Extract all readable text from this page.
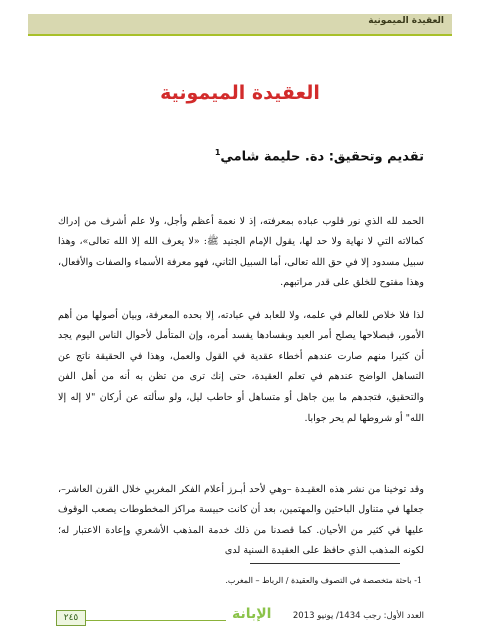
العقيدة الميمونية
العقيدة الميمونية
تقديم وتحقيق: دة. حليمة شامي$^1$

الحمد لله الذي نور قلوب عباده بمعرفته، إذ لا نعمة أعظم وأجل، ولا علم أشرف من إدراك كمالاته التي لا نهاية ولا حد لها، يقول الإمام الجنيد ﷺ: «لا يعرف الله إلا الله تعالى»، وهذا سبيل مسدود إلا في حق الله تعالى، أما السبيل الثاني، فهو معرفة الأسماء والصفات والأفعال، وهذا مفتوح للخلق على قدر مراتبهم.

لذا فلا خلاص للعالم في علمه، ولا للعابد في عبادته، إلا بحده المعرفة، وبيان أصولها من أهم الأمور، فبصلاحها يصلح أمر العبد وبفسادها يفسد أمره، وإن المتأمل لأحوال الناس اليوم يجد أن كثيرا منهم صارت عندهم أخطاء عقدية في القول والعمل، وهذا في الحقيقة ناتج عن التساهل الواضح عندهم في تعلم العقيدة، حتى إنك ترى من تظن به أنه من أهل الفن والتحقيق، فتجدهم ما بين جاهل أو متساهل أو حاطب ليل، ولو سألته عن أركان "لا إله إلا الله" أو شروطها لم يحر جوابا.

وقد توخينا من نشر هذه العقيـدة –وهي لأحد أبـرز أعلام الفكر المغربي خلال القرن العاشر–، جعلها في متناول الباحثين والمهتمين، بعد أن كانت حبيسة مراكز المخطوطات يصعب الوقوف عليها في كثير من الأحيان. كما قصدنا من ذلك خدمة المذهب الأشعري وإعادة الاعتبار له؛ لكونه المذهب الذي حافظ على العقيدة السنية لدى

1- باحثة متخصصة في التصوف والعقيدة / الرباط – المغرب.
٢٤٥	الإبانة	العدد الأول: رجب 1434/ يونيو 2013
